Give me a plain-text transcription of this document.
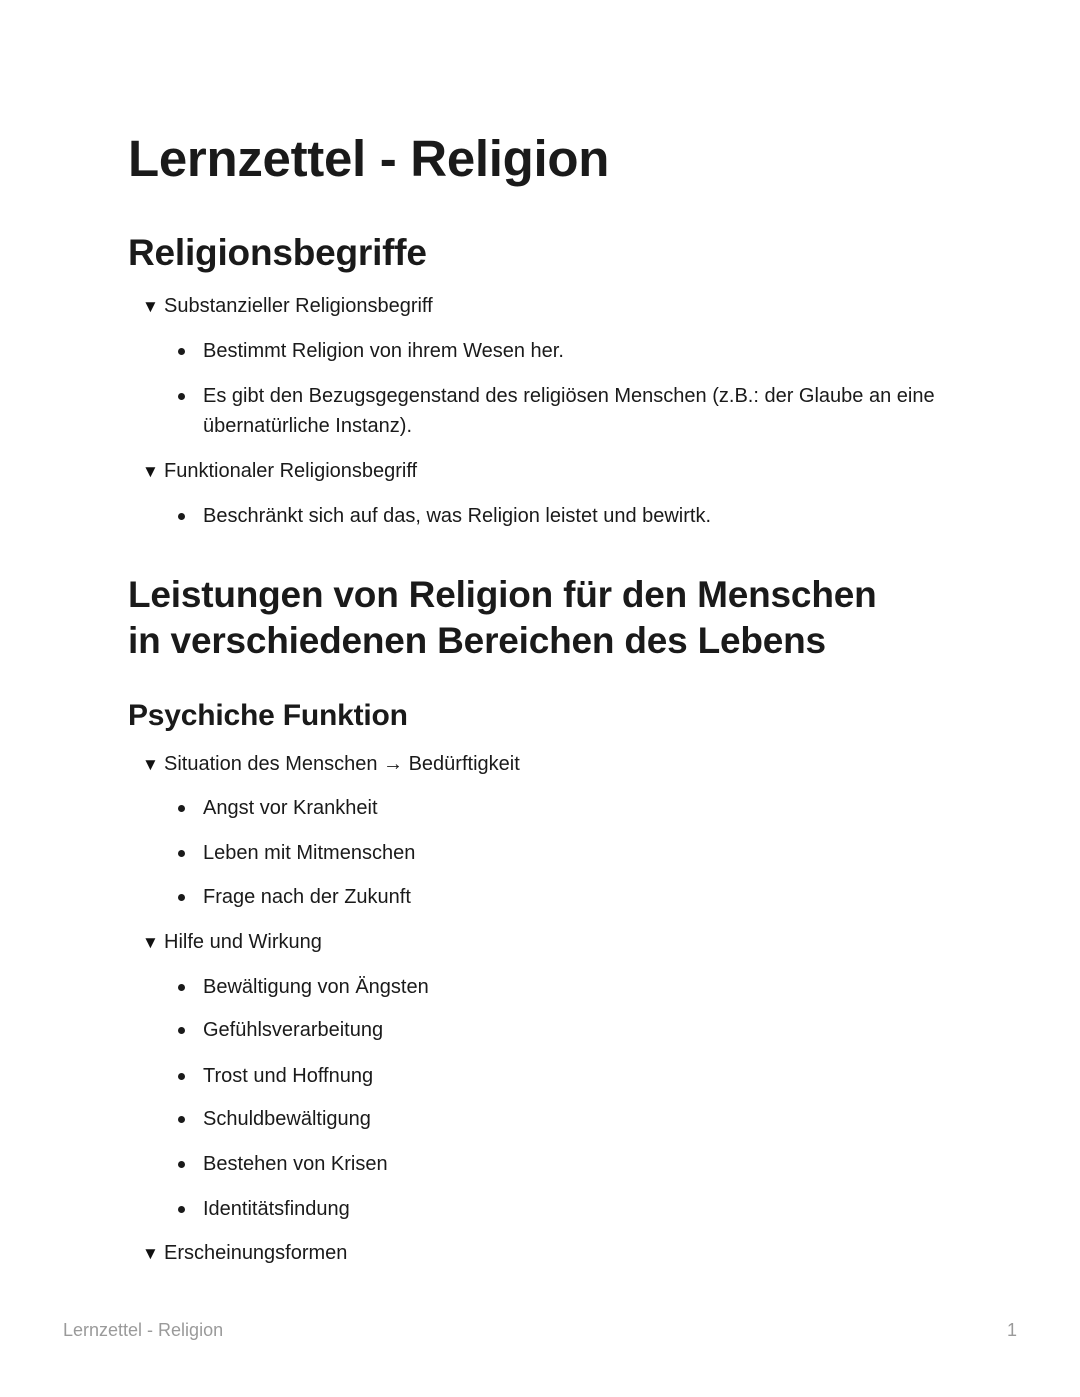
Lernzettel - Religion
Religionsbegriffe
▼ Substanzieller Religionsbegriff
Bestimmt Religion von ihrem Wesen her.
Es gibt den Bezugsgegenstand des religiösen Menschen (z.B.: der Glaube an eine übernatürliche Instanz).
▼ Funktionaler Religionsbegriff
Beschränkt sich auf das, was Religion leistet und bewirtk.
Leistungen von Religion für den Menschen
in verschiedenen Bereichen des Lebens
Psychiche Funktion
▼ Situation des Menschen → Bedürftigkeit
Angst vor Krankheit
Leben mit Mitmenschen
Frage nach der Zukunft
▼ Hilfe und Wirkung
Bewältigung von Ängsten
Gefühlsverarbeitung
Trost und Hoffnung
Schuldbewältigung
Bestehen von Krisen
Identitätsfindung
▼ Erscheinungsformen
Lernzettel - Religion	1
